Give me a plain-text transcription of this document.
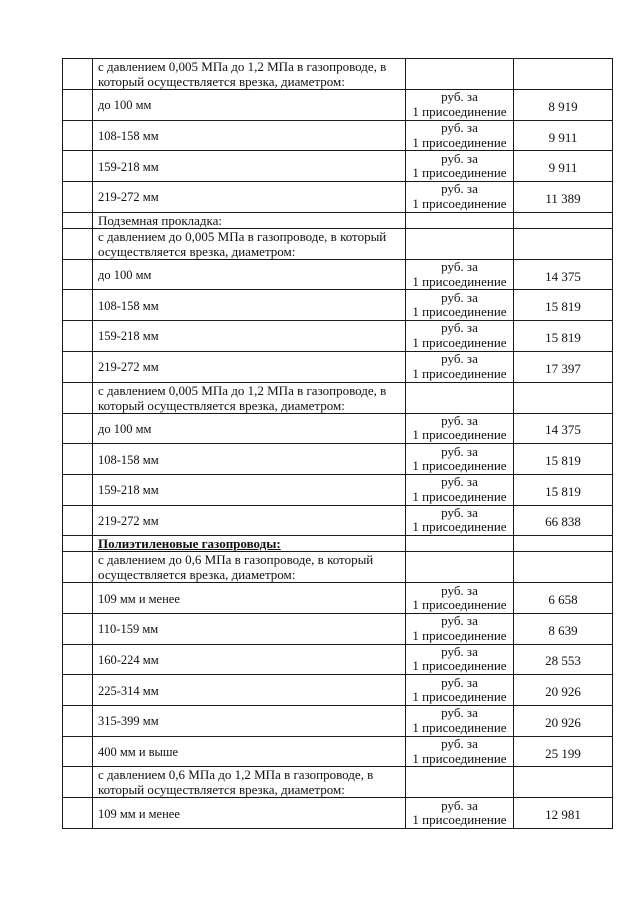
	с давлением 0,005 МПа до 1,2 МПа в газопроводе, в
который осуществляется врезка, диаметром:		

	до 100 мм	руб. за
1 присоединение	8 919

	108-158 мм	руб. за
1 присоединение	9 911

	159-218 мм	руб. за
1 присоединение	9 911

	219-272 мм	руб. за
1 присоединение	11 389

	Подземная прокладка:		

	с давлением до 0,005 МПа в газопроводе, в который
осуществляется врезка, диаметром:		

	до 100 мм	руб. за
1 присоединение	14 375

	108-158 мм	руб. за
1 присоединение	15 819

	159-218 мм	руб. за
1 присоединение	15 819

	219-272 мм	руб. за
1 присоединение	17 397

	с давлением 0,005 МПа до 1,2 МПа в газопроводе, в
который осуществляется врезка, диаметром:		

	до 100 мм	руб. за
1 присоединение	14 375

	108-158 мм	руб. за
1 присоединение	15 819

	159-218 мм	руб. за
1 присоединение	15 819

	219-272 мм	руб. за
1 присоединение	66 838

	Полиэтиленовые газопроводы:		

	с давлением до 0,6 МПа в газопроводе, в который
осуществляется врезка, диаметром:		

	109 мм и менее	руб. за
1 присоединение	6 658

	110-159 мм	руб. за
1 присоединение	8 639

	160-224 мм	руб. за
1 присоединение	28 553

	225-314 мм	руб. за
1 присоединение	20 926

	315-399 мм	руб. за
1 присоединение	20 926

	400 мм и выше	руб. за
1 присоединение	25 199

	с давлением 0,6 МПа до 1,2 МПа в газопроводе, в
который осуществляется врезка, диаметром:		

	109 мм и менее	руб. за
1 присоединение	12 981
